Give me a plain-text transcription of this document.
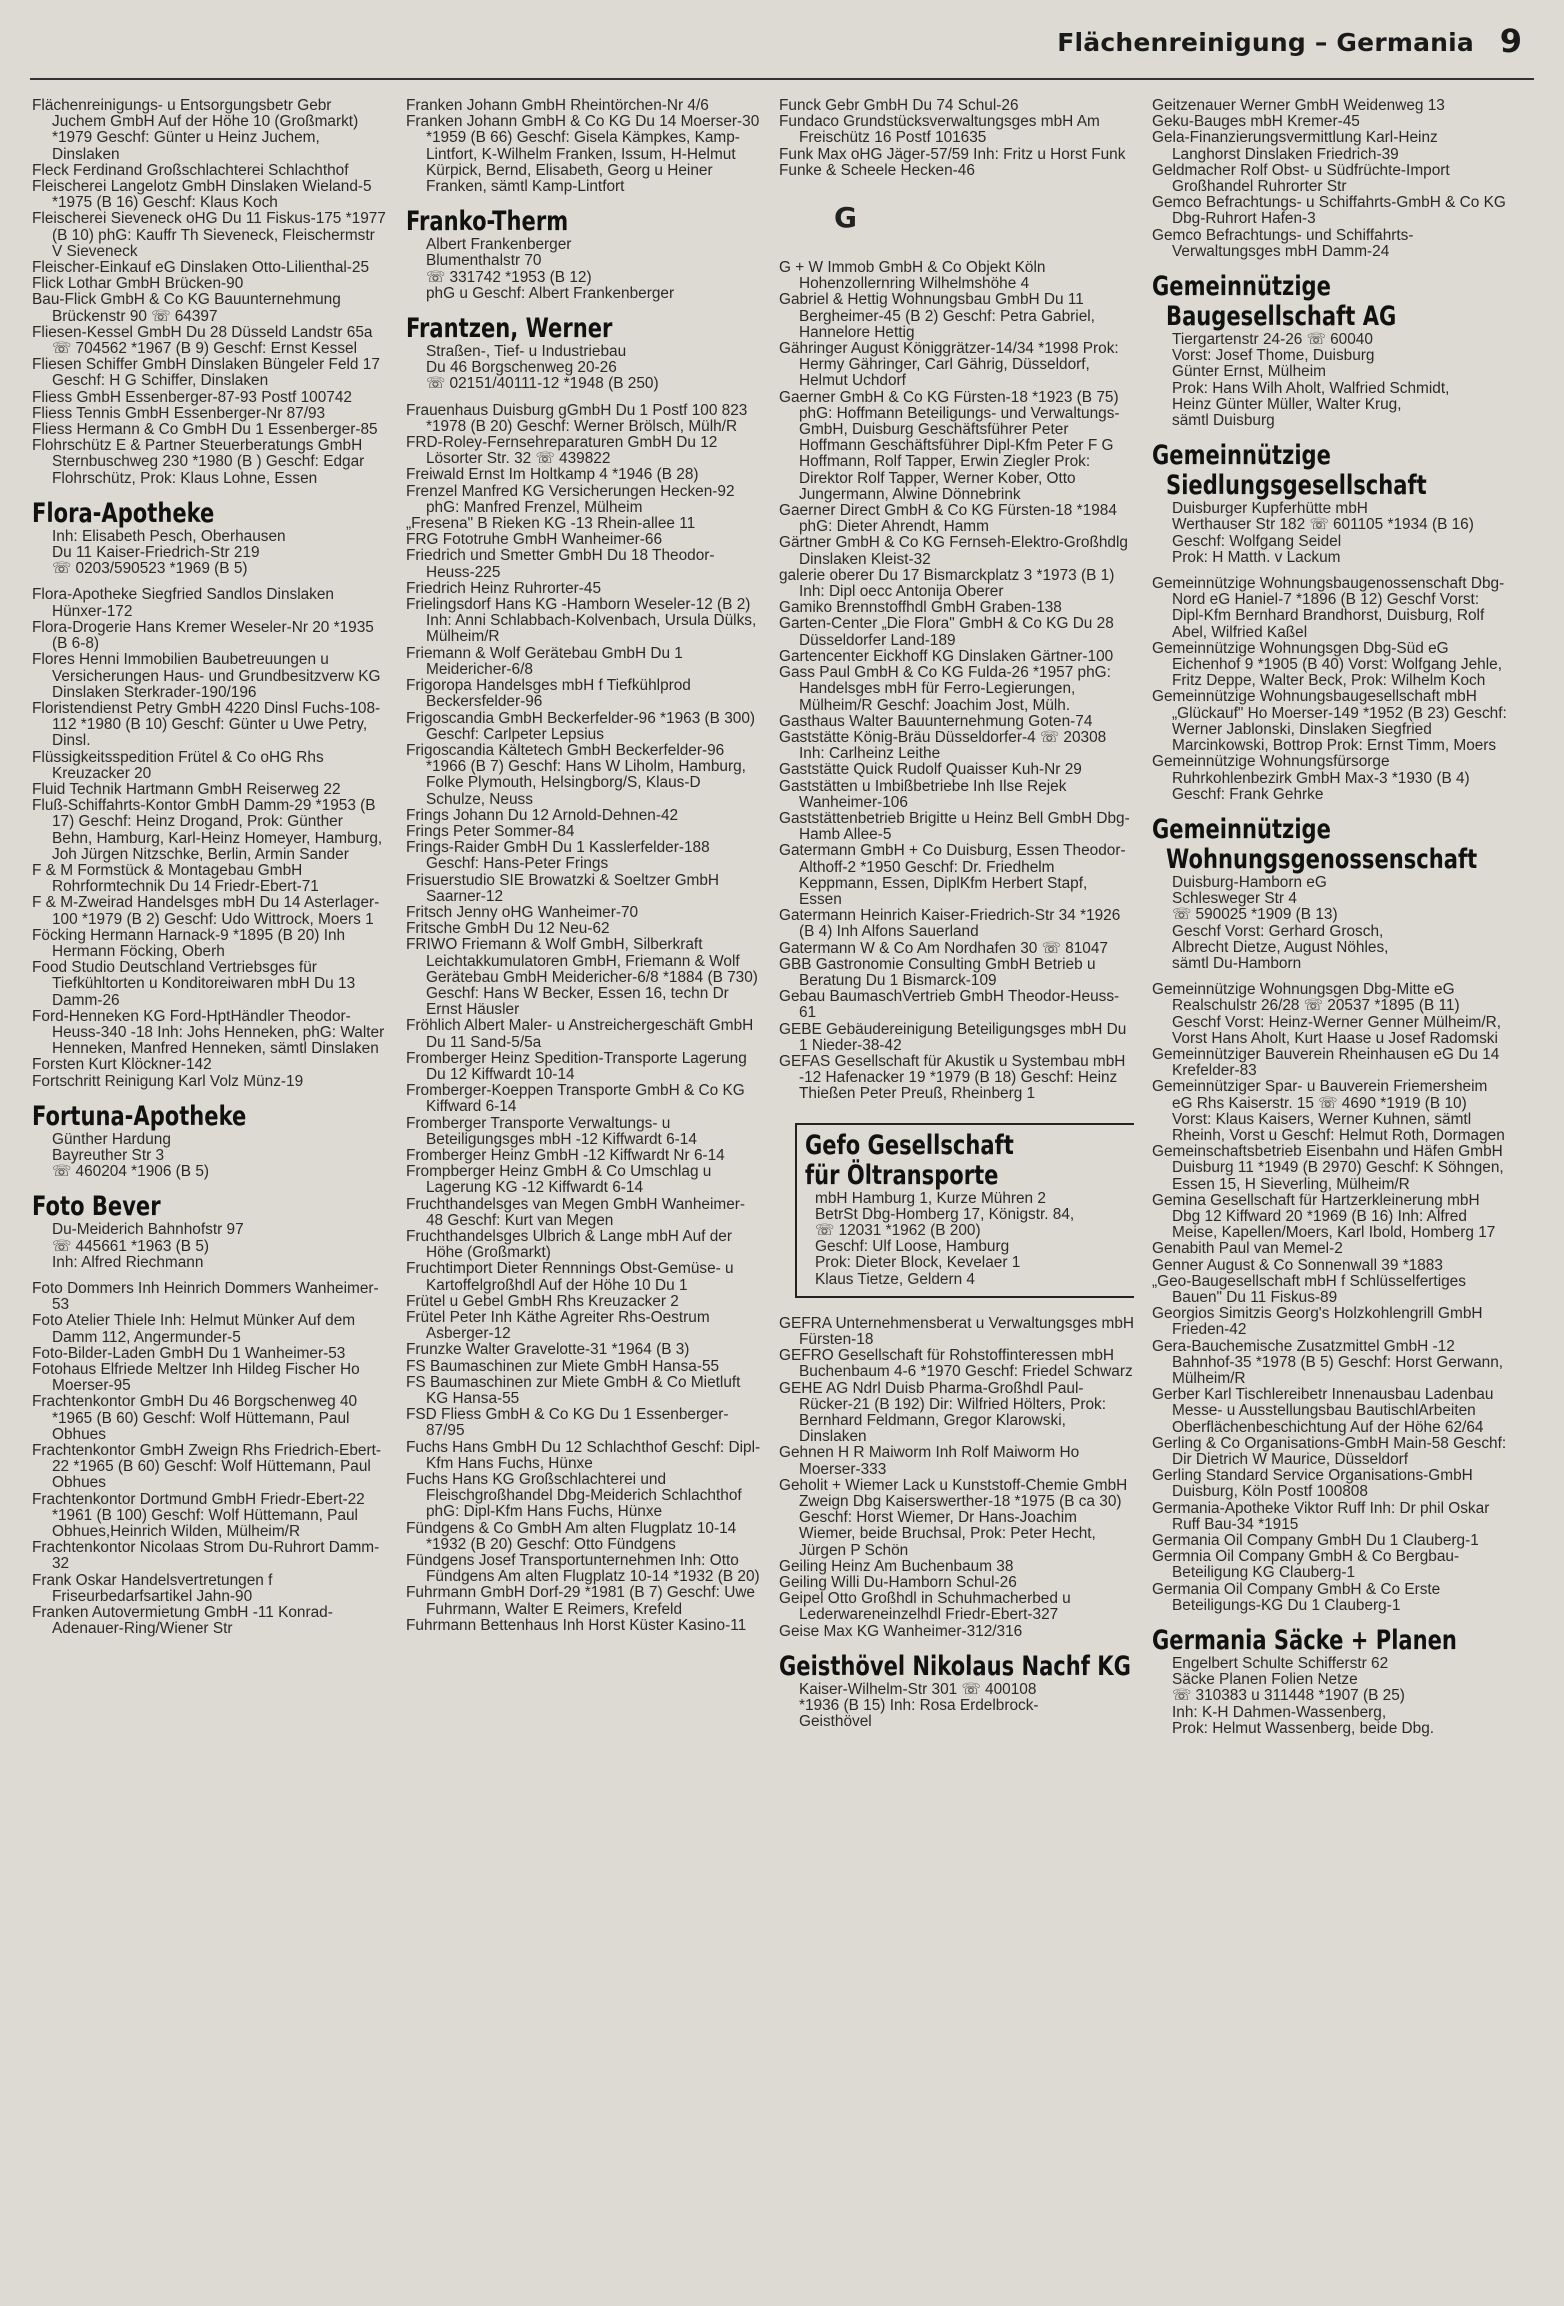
Flächenreinigung – Germania 9

Flächenreinigungs- u Entsorgungsbetr Gebr Juchem GmbH Auf der Höhe 10 (Großmarkt) *1979 Geschf: Günter u Heinz Juchem, Dinslaken

Fleck Ferdinand Großschlachterei Schlachthof

Fleischerei Langelotz GmbH Dinslaken Wieland-5 *1975 (B 16) Geschf: Klaus Koch

Fleischerei Sieveneck oHG Du 11 Fiskus-175 *1977 (B 10) phG: Kauffr Th Sieveneck, Fleischermstr V Sieveneck

Fleischer-Einkauf eG Dinslaken Otto-Lilienthal-25

Flick Lothar GmbH Brücken-90

Bau-Flick GmbH & Co KG Bauunternehmung Brückenstr 90 ☏ 64397

Fliesen-Kessel GmbH Du 28 Düsseld Landstr 65a ☏ 704562 *1967 (B 9) Geschf: Ernst Kessel

Fliesen Schiffer GmbH Dinslaken Büngeler Feld 17 Geschf: H G Schiffer, Dinslaken

Fliess GmbH Essenberger-87-93 Postf 100742

Fliess Tennis GmbH Essenberger-Nr 87/93

Fliess Hermann & Co GmbH Du 1 Essenberger-85

Flohrschütz E & Partner Steuerberatungs GmbH Sternbuschweg 230 *1980 (B ) Geschf: Edgar Flohrschütz, Prok: Klaus Lohne, Essen

Flora-Apotheke
Inh: Elisabeth Pesch, Oberhausen
Du 11 Kaiser-Friedrich-Str 219
☏ 0203/590523 *1969 (B 5)

Flora-Apotheke Siegfried Sandlos Dinslaken Hünxer-172

Flora-Drogerie Hans Kremer Weseler-Nr 20 *1935 (B 6-8)

Flores Henni Immobilien Baubetreuungen u Versicherungen Haus- und Grundbesitzverw KG Dinslaken Sterkrader-190/196

Floristendienst Petry GmbH 4220 Dinsl Fuchs-108-112 *1980 (B 10) Geschf: Günter u Uwe Petry, Dinsl.

Flüssigkeitsspedition Frütel & Co oHG Rhs Kreuzacker 20

Fluid Technik Hartmann GmbH Reiserweg 22

Fluß-Schiffahrts-Kontor GmbH Damm-29 *1953 (B 17) Geschf: Heinz Drogand, Prok: Günther Behn, Hamburg, Karl-Heinz Homeyer, Hamburg, Joh Jürgen Nitzschke, Berlin, Armin Sander

F & M Formstück & Montagebau GmbH Rohrformtechnik Du 14 Friedr-Ebert-71

F & M-Zweirad Handelsges mbH Du 14 Asterlager-100 *1979 (B 2) Geschf: Udo Wittrock, Moers 1

Föcking Hermann Harnack-9 *1895 (B 20) Inh Hermann Föcking, Oberh

Food Studio Deutschland Vertriebsges für Tiefkühltorten u Konditoreiwaren mbH Du 13 Damm-26

Ford-Henneken KG Ford-HptHändler Theodor-Heuss-340 -18 Inh: Johs Henneken, phG: Walter Henneken, Manfred Henneken, sämtl Dinslaken

Forsten Kurt Klöckner-142

Fortschritt Reinigung Karl Volz Münz-19

Fortuna-Apotheke
Günther Hardung
Bayreuther Str 3
☏ 460204 *1906 (B 5)
Foto Bever
Du-Meiderich Bahnhofstr 97
☏ 445661 *1963 (B 5)
Inh: Alfred Riechmann

Foto Dommers Inh Heinrich Dommers Wanheimer-53

Foto Atelier Thiele Inh: Helmut Münker Auf dem Damm 112, Angermunder-5

Foto-Bilder-Laden GmbH Du 1 Wanheimer-53

Fotohaus Elfriede Meltzer Inh Hildeg Fischer Ho Moerser-95

Frachtenkontor GmbH Du 46 Borgschenweg 40 *1965 (B 60) Geschf: Wolf Hüttemann, Paul Obhues

Frachtenkontor GmbH Zweign Rhs Friedrich-Ebert-22 *1965 (B 60) Geschf: Wolf Hüttemann, Paul Obhues

Frachtenkontor Dortmund GmbH Friedr-Ebert-22 *1961 (B 100) Geschf: Wolf Hüttemann, Paul Obhues,Heinrich Wilden, Mülheim/R

Frachtenkontor Nicolaas Strom Du-Ruhrort Damm-32

Frank Oskar Handelsvertretungen f Friseurbedarfsartikel Jahn-90

Franken Autovermietung GmbH -11 Konrad-Adenauer-Ring/Wiener Str

Franken Johann GmbH Rheintörchen-Nr 4/6

Franken Johann GmbH & Co KG Du 14 Moerser-30 *1959 (B 66) Geschf: Gisela Kämpkes, Kamp-Lintfort, K-Wilhelm Franken, Issum, H-Helmut Kürpick, Bernd, Elisabeth, Georg u Heiner Franken, sämtl Kamp-Lintfort

Franko-Therm
Albert Frankenberger
Blumenthalstr 70
☏ 331742 *1953 (B 12)
phG u Geschf: Albert Frankenberger
Frantzen, Werner
Straßen-, Tief- u Industriebau
Du 46 Borgschenweg 20-26
☏ 02151/40111-12 *1948 (B 250)

Frauenhaus Duisburg gGmbH Du 1 Postf 100 823 *1978 (B 20) Geschf: Werner Brölsch, Mülh/R

FRD-Roley-Fernsehreparaturen GmbH Du 12 Lösorter Str. 32 ☏ 439822

Freiwald Ernst Im Holtkamp 4 *1946 (B 28)

Frenzel Manfred KG Versicherungen Hecken-92 phG: Manfred Frenzel, Mülheim

„Fresena" B Rieken KG -13 Rhein-allee 11

FRG Fototruhe GmbH Wanheimer-66

Friedrich und Smetter GmbH Du 18 Theodor-Heuss-225

Friedrich Heinz Ruhrorter-45

Frielingsdorf Hans KG -Hamborn Weseler-12 (B 2) Inh: Anni Schlabbach-Kolvenbach, Ursula Dülks, Mülheim/R

Friemann & Wolf Gerätebau GmbH Du 1 Meidericher-6/8

Frigoropa Handelsges mbH f Tiefkühlprod Beckersfelder-96

Frigoscandia GmbH Beckerfelder-96 *1963 (B 300) Geschf: Carlpeter Lepsius

Frigoscandia Kältetech GmbH Beckerfelder-96 *1966 (B 7) Geschf: Hans W Liholm, Hamburg, Folke Plymouth, Helsingborg/S, Klaus-D Schulze, Neuss

Frings Johann Du 12 Arnold-Dehnen-42

Frings Peter Sommer-84

Frings-Raider GmbH Du 1 Kasslerfelder-188 Geschf: Hans-Peter Frings

Frisuerstudio SIE Browatzki & Soeltzer GmbH Saarner-12

Fritsch Jenny oHG Wanheimer-70

Fritsche GmbH Du 12 Neu-62

FRIWO Friemann & Wolf GmbH, Silberkraft Leichtakkumulatoren GmbH, Friemann & Wolf Gerätebau GmbH Meidericher-6/8 *1884 (B 730) Geschf: Hans W Becker, Essen 16, techn Dr Ernst Häusler

Fröhlich Albert Maler- u Anstreichergeschäft GmbH Du 11 Sand-5/5a

Fromberger Heinz Spedition-Transporte Lagerung Du 12 Kiffwardt 10-14

Fromberger-Koeppen Transporte GmbH & Co KG Kiffward 6-14

Fromberger Transporte Verwaltungs- u Beteiligungsges mbH -12 Kiffwardt 6-14

Fromberger Heinz GmbH -12 Kiffwardt Nr 6-14

Frompberger Heinz GmbH & Co Umschlag u Lagerung KG -12 Kiffwardt 6-14

Fruchthandelsges van Megen GmbH Wanheimer-48 Geschf: Kurt van Megen

Fruchthandelsges Ulbrich & Lange mbH Auf der Höhe (Großmarkt)

Fruchtimport Dieter Rennnings Obst-Gemüse- u Kartoffelgroßhdl Auf der Höhe 10 Du 1

Frütel u Gebel GmbH Rhs Kreuzacker 2

Frütel Peter Inh Käthe Agreiter Rhs-Oestrum Asberger-12

Frunzke Walter Gravelotte-31 *1964 (B 3)

FS Baumaschinen zur Miete GmbH Hansa-55

FS Baumaschinen zur Miete GmbH & Co Mietluft KG Hansa-55

FSD Fliess GmbH & Co KG Du 1 Essenberger-87/95

Fuchs Hans GmbH Du 12 Schlachthof Geschf: Dipl-Kfm Hans Fuchs, Hünxe

Fuchs Hans KG Großschlachterei und Fleischgroßhandel Dbg-Meiderich Schlachthof phG: Dipl-Kfm Hans Fuchs, Hünxe

Fündgens & Co GmbH Am alten Flugplatz 10-14 *1932 (B 20) Geschf: Otto Fündgens

Fündgens Josef Transportunternehmen Inh: Otto Fündgens Am alten Flugplatz 10-14 *1932 (B 20)

Fuhrmann GmbH Dorf-29 *1981 (B 7) Geschf: Uwe Fuhrmann, Walter E Reimers, Krefeld

Fuhrmann Bettenhaus Inh Horst Küster Kasino-11

Funck Gebr GmbH Du 74 Schul-26

Fundaco Grundstücksverwaltungsges mbH Am Freischütz 16 Postf 101635

Funk Max oHG Jäger-57/59 Inh: Fritz u Horst Funk

Funke & Scheele Hecken-46

G

G + W Immob GmbH & Co Objekt Köln Hohenzollernring Wilhelmshöhe 4

Gabriel & Hettig Wohnungsbau GmbH Du 11 Bergheimer-45 (B 2) Geschf: Petra Gabriel, Hannelore Hettig

Gähringer August Königgrätzer-14/34 *1998 Prok: Hermy Gähringer, Carl Gährig, Düsseldorf, Helmut Uchdorf

Gaerner GmbH & Co KG Fürsten-18 *1923 (B 75) phG: Hoffmann Beteiligungs- und Verwaltungs-GmbH, Duisburg Geschäftsführer Peter Hoffmann Geschäftsführer Dipl-Kfm Peter F G Hoffmann, Rolf Tapper, Erwin Ziegler Prok: Direktor Rolf Tapper, Werner Kober, Otto Jungermann, Alwine Dönnebrink

Gaerner Direct GmbH & Co KG Fürsten-18 *1984 phG: Dieter Ahrendt, Hamm

Gärtner GmbH & Co KG Fernseh-Elektro-Großhdlg Dinslaken Kleist-32

galerie oberer Du 17 Bismarckplatz 3 *1973 (B 1) Inh: Dipl oecc Antonija Oberer

Gamiko Brennstoffhdl GmbH Graben-138

Garten-Center „Die Flora" GmbH & Co KG Du 28 Düsseldorfer Land-189

Gartencenter Eickhoff KG Dinslaken Gärtner-100

Gass Paul GmbH & Co KG Fulda-26 *1957 phG: Handelsges mbH für Ferro-Legierungen, Mülheim/R Geschf: Joachim Jost, Mülh.

Gasthaus Walter Bauunternehmung Goten-74

Gaststätte König-Bräu Düsseldorfer-4 ☏ 20308 Inh: Carlheinz Leithe

Gaststätte Quick Rudolf Quaisser Kuh-Nr 29

Gaststätten u Imbißbetriebe Inh Ilse Rejek Wanheimer-106

Gaststättenbetrieb Brigitte u Heinz Bell GmbH Dbg-Hamb Allee-5

Gatermann GmbH + Co Duisburg, Essen Theodor-Althoff-2 *1950 Geschf: Dr. Friedhelm Keppmann, Essen, DiplKfm Herbert Stapf, Essen

Gatermann Heinrich Kaiser-Friedrich-Str 34 *1926 (B 4) Inh Alfons Sauerland

Gatermann W & Co Am Nordhafen 30 ☏ 81047

GBB Gastronomie Consulting GmbH Betrieb u Beratung Du 1 Bismarck-109

Gebau BaumaschVertrieb GmbH Theodor-Heuss-61

GEBE Gebäudereinigung Beteiligungsges mbH Du 1 Nieder-38-42

GEFAS Gesellschaft für Akustik u Systembau mbH -12 Hafenacker 19 *1979 (B 18) Geschf: Heinz Thießen Peter Preuß, Rheinberg 1

Gefo Gesellschaft
für Öltransporte
mbH Hamburg 1, Kurze Mühren 2
BetrSt Dbg-Homberg 17, Königstr. 84,
☏ 12031 *1962 (B 200)
Geschf: Ulf Loose, Hamburg
Prok: Dieter Block, Kevelaer 1
Klaus Tietze, Geldern 4

GEFRA Unternehmensberat u Verwaltungsges mbH Fürsten-18

GEFRO Gesellschaft für Rohstoffinteressen mbH Buchenbaum 4-6 *1970 Geschf: Friedel Schwarz

GEHE AG Ndrl Duisb Pharma-Großhdl Paul-Rücker-21 (B 192) Dir: Wilfried Hölters, Prok: Bernhard Feldmann, Gregor Klarowski, Dinslaken

Gehnen H R Maiworm Inh Rolf Maiworm Ho Moerser-333

Geholit + Wiemer Lack u Kunststoff-Chemie GmbH Zweign Dbg Kaiserswerther-18 *1975 (B ca 30) Geschf: Horst Wiemer, Dr Hans-Joachim Wiemer, beide Bruchsal, Prok: Peter Hecht, Jürgen P Schön

Geiling Heinz Am Buchenbaum 38

Geiling Willi Du-Hamborn Schul-26

Geipel Otto Großhdl in Schuhmacherbed u Lederwareneinzelhdl Friedr-Ebert-327

Geise Max KG Wanheimer-312/316

Geisthövel Nikolaus Nachf KG
Kaiser-Wilhelm-Str 301 ☏ 400108
*1936 (B 15) Inh: Rosa Erdelbrock-
Geisthövel

Geitzenauer Werner GmbH Weidenweg 13

Geku-Bauges mbH Kremer-45

Gela-Finanzierungsvermittlung Karl-Heinz Langhorst Dinslaken Friedrich-39

Geldmacher Rolf Obst- u Südfrüchte-Import Großhandel Ruhrorter Str

Gemco Befrachtungs- u Schiffahrts-GmbH & Co KG Dbg-Ruhrort Hafen-3

Gemco Befrachtungs- und Schiffahrts-Verwaltungsges mbH Damm-24

Gemeinnützige
Baugesellschaft AG
Tiergartenstr 24-26 ☏ 60040
Vorst: Josef Thome, Duisburg
Günter Ernst, Mülheim
Prok: Hans Wilh Aholt, Walfried Schmidt,
Heinz Günter Müller, Walter Krug,
sämtl Duisburg
Gemeinnützige
Siedlungsgesellschaft
Duisburger Kupferhütte mbH
Werthauser Str 182 ☏ 601105 *1934 (B 16)
Geschf: Wolfgang Seidel
Prok: H Matth. v Lackum

Gemeinnützige Wohnungsbaugenossenschaft Dbg-Nord eG Haniel-7 *1896 (B 12) Geschf Vorst: Dipl-Kfm Bernhard Brandhorst, Duisburg, Rolf Abel, Wilfried Kaßel

Gemeinnützige Wohnungsgen Dbg-Süd eG Eichenhof 9 *1905 (B 40) Vorst: Wolfgang Jehle, Fritz Deppe, Walter Beck, Prok: Wilhelm Koch

Gemeinnützige Wohnungsbaugesellschaft mbH „Glückauf" Ho Moerser-149 *1952 (B 23) Geschf: Werner Jablonski, Dinslaken Siegfried Marcinkowski, Bottrop Prok: Ernst Timm, Moers

Gemeinnützige Wohnungsfürsorge Ruhrkohlenbezirk GmbH Max-3 *1930 (B 4) Geschf: Frank Gehrke

Gemeinnützige
Wohnungsgenossenschaft
Duisburg-Hamborn eG
Schlesweger Str 4
☏ 590025 *1909 (B 13)
Geschf Vorst: Gerhard Grosch,
Albrecht Dietze, August Nöhles,
sämtl Du-Hamborn

Gemeinnützige Wohnungsgen Dbg-Mitte eG Realschulstr 26/28 ☏ 20537 *1895 (B 11) Geschf Vorst: Heinz-Werner Genner Mülheim/R, Vorst Hans Aholt, Kurt Haase u Josef Radomski

Gemeinnütziger Bauverein Rheinhausen eG Du 14 Krefelder-83

Gemeinnütziger Spar- u Bauverein Friemersheim eG Rhs Kaiserstr. 15 ☏ 4690 *1919 (B 10) Vorst: Klaus Kaisers, Werner Kuhnen, sämtl Rheinh, Vorst u Geschf: Helmut Roth, Dormagen

Gemeinschaftsbetrieb Eisenbahn und Häfen GmbH Duisburg 11 *1949 (B 2970) Geschf: K Söhngen, Essen 15, H Sieverling, Mülheim/R

Gemina Gesellschaft für Hartzerkleinerung mbH Dbg 12 Kiffward 20 *1969 (B 16) Inh: Alfred Meise, Kapellen/Moers, Karl Ibold, Homberg 17

Genabith Paul van Memel-2

Genner August & Co Sonnenwall 39 *1883

„Geo-Baugesellschaft mbH f Schlüsselfertiges Bauen" Du 11 Fiskus-89

Georgios Simitzis Georg's Holzkohlengrill GmbH Frieden-42

Gera-Bauchemische Zusatzmittel GmbH -12 Bahnhof-35 *1978 (B 5) Geschf: Horst Gerwann, Mülheim/R

Gerber Karl Tischlereibetr Innenausbau Ladenbau Messe- u Ausstellungsbau BautischlArbeiten Oberflächenbeschichtung Auf der Höhe 62/64

Gerling & Co Organisations-GmbH Main-58 Geschf: Dir Dietrich W Maurice, Düsseldorf

Gerling Standard Service Organisations-GmbH Duisburg, Köln Postf 100808

Germania-Apotheke Viktor Ruff Inh: Dr phil Oskar Ruff Bau-34 *1915

Germania Oil Company GmbH Du 1 Clauberg-1

Germnia Oil Company GmbH & Co Bergbau-Beteiligung KG Clauberg-1

Germania Oil Company GmbH & Co Erste Beteiligungs-KG Du 1 Clauberg-1

Germania Säcke + Planen
Engelbert Schulte Schifferstr 62
Säcke Planen Folien Netze
☏ 310383 u 311448 *1907 (B 25)
Inh: K-H Dahmen-Wassenberg,
Prok: Helmut Wassenberg, beide Dbg.
